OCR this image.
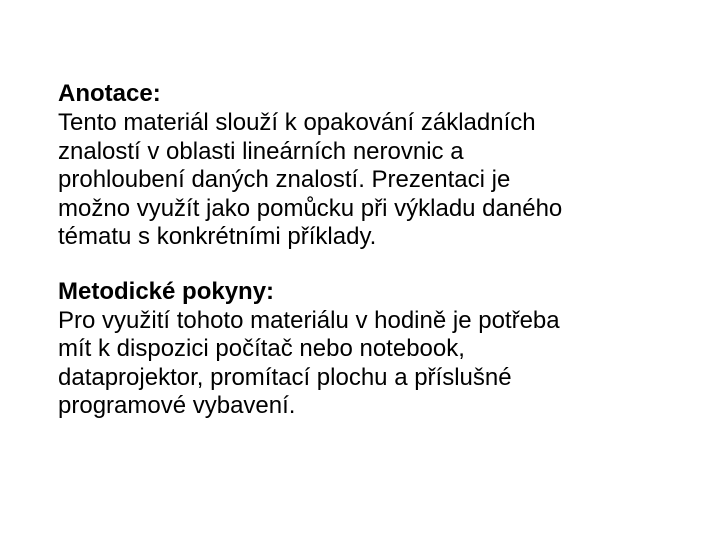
Anotace:
Tento materiál slouží k opakování základních
znalostí v oblasti lineárních nerovnic a
prohloubení daných znalostí. Prezentaci je
možno využít jako pomůcku při výkladu daného
tématu s konkrétními příklady.
Metodické pokyny:
Pro využití tohoto materiálu v hodině je potřeba
mít k dispozici počítač nebo notebook,
dataprojektor, promítací plochu a příslušné
programové vybavení.
